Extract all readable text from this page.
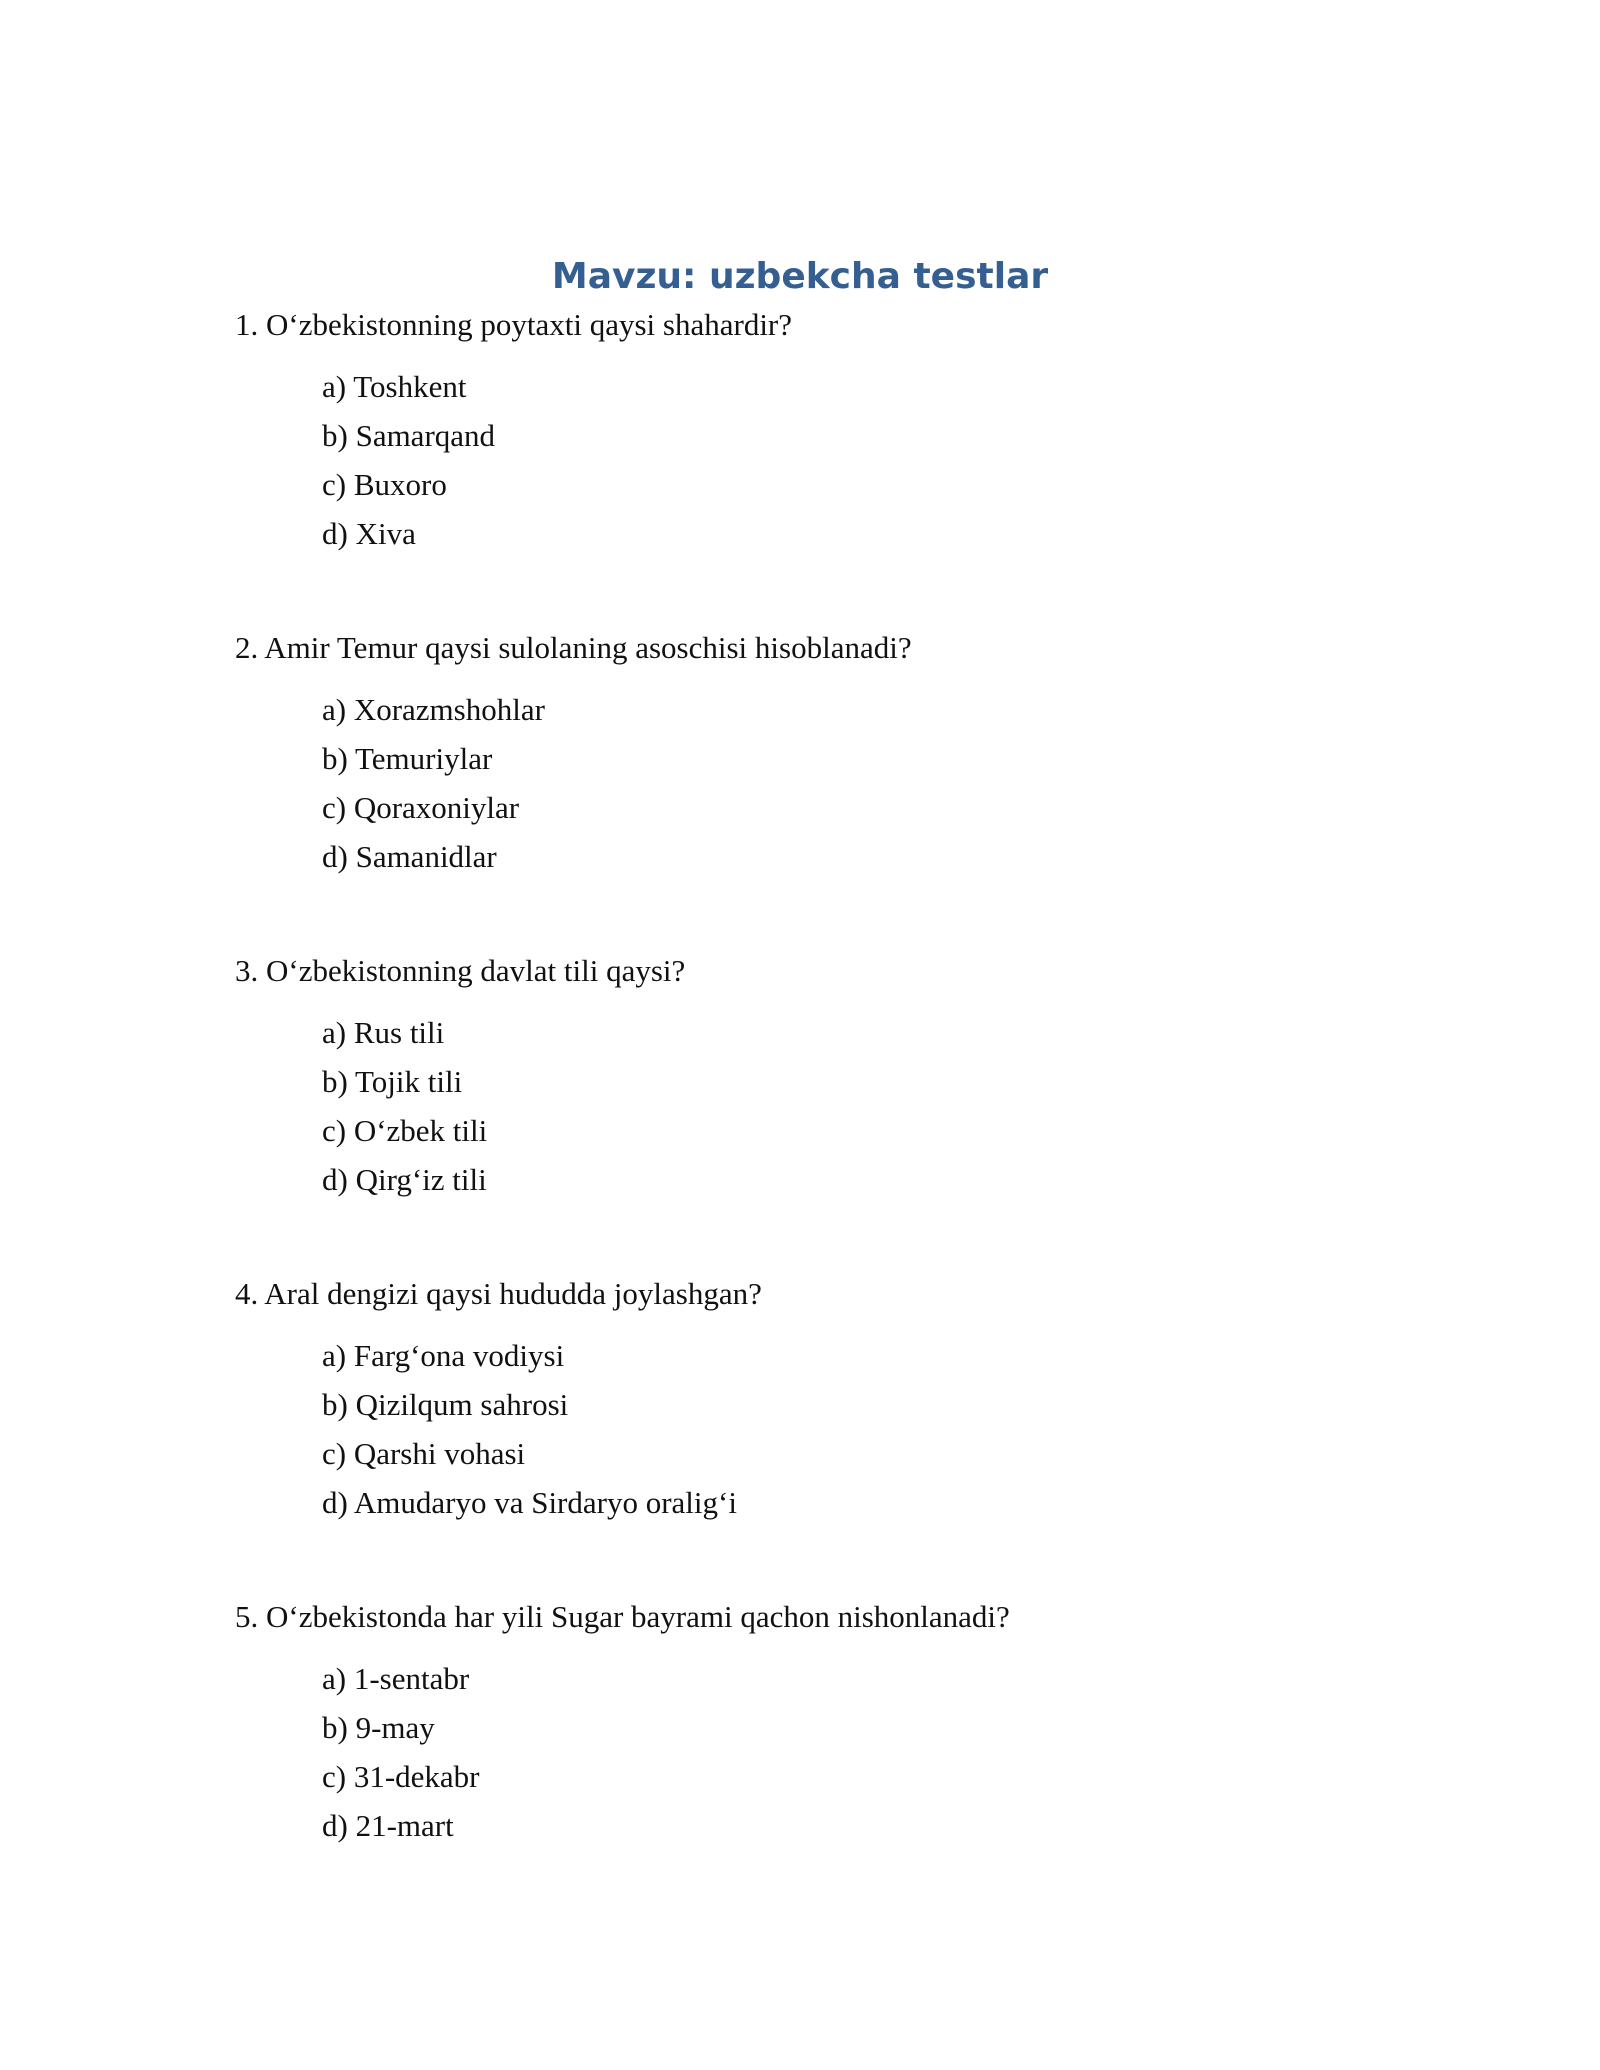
Mavzu: uzbekcha testlar

1. O‘zbekistonning poytaxti qaysi shahardir?

a) Toshkent
b) Samarqand
c) Buxoro
d) Xiva

2. Amir Temur qaysi sulolaning asoschisi hisoblanadi?

a) Xorazmshohlar
b) Temuriylar
c) Qoraxoniylar
d) Samanidlar

3. O‘zbekistonning davlat tili qaysi?

a) Rus tili
b) Tojik tili
c) O‘zbek tili
d) Qirg‘iz tili

4. Aral dengizi qaysi hududda joylashgan?

a) Farg‘ona vodiysi
b) Qizilqum sahrosi
c) Qarshi vohasi
d) Amudaryo va Sirdaryo oralig‘i

5. O‘zbekistonda har yili Sugar bayrami qachon nishonlanadi?

a) 1-sentabr
b) 9-may
c) 31-dekabr
d) 21-mart
